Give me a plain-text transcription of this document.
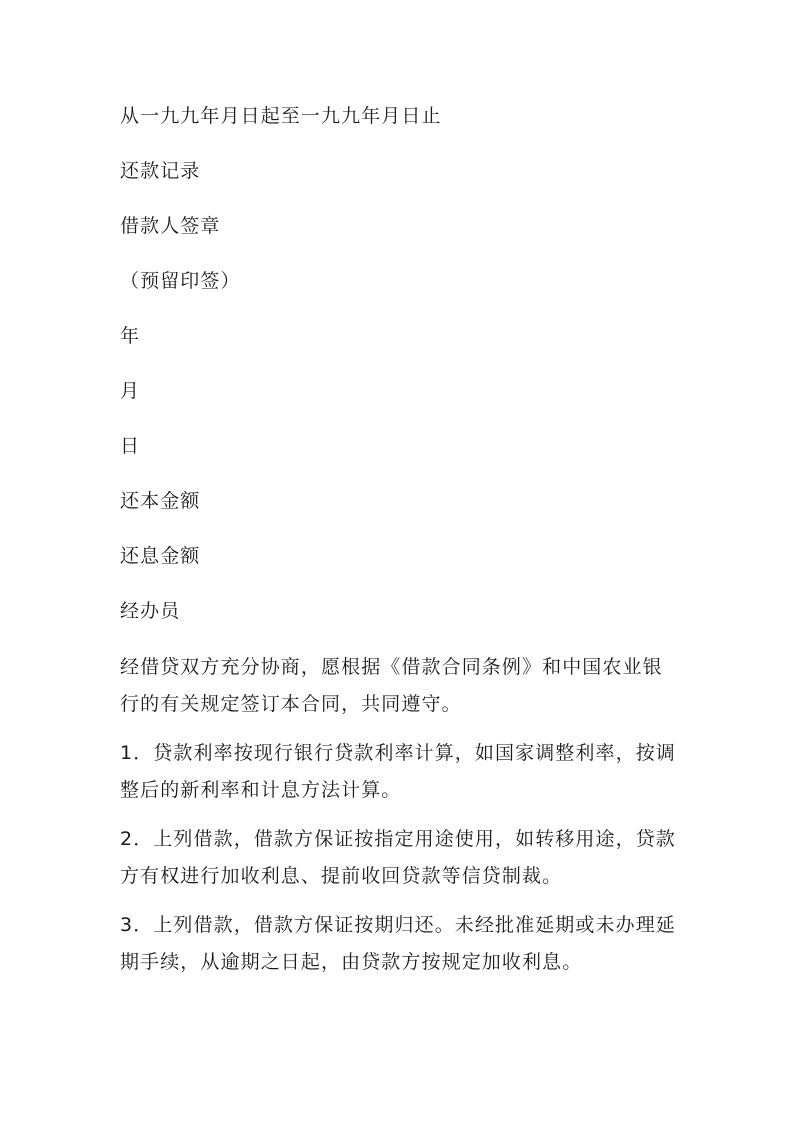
从一九九年月日起至一九九年月日止
还款记录
借款人签章
（预留印签）
年
月
日
还本金额
还息金额
经办员

经借贷双方充分协商，愿根据《借款合同条例》和中国农业银行的有关规定签订本合同，共同遵守。

1．贷款利率按现行银行贷款利率计算，如国家调整利率，按调整后的新利率和计息方法计算。

2．上列借款，借款方保证按指定用途使用，如转移用途，贷款方有权进行加收利息、提前收回贷款等信贷制裁。

3．上列借款，借款方保证按期归还。未经批准延期或未办理延期手续，从逾期之日起，由贷款方按规定加收利息。
